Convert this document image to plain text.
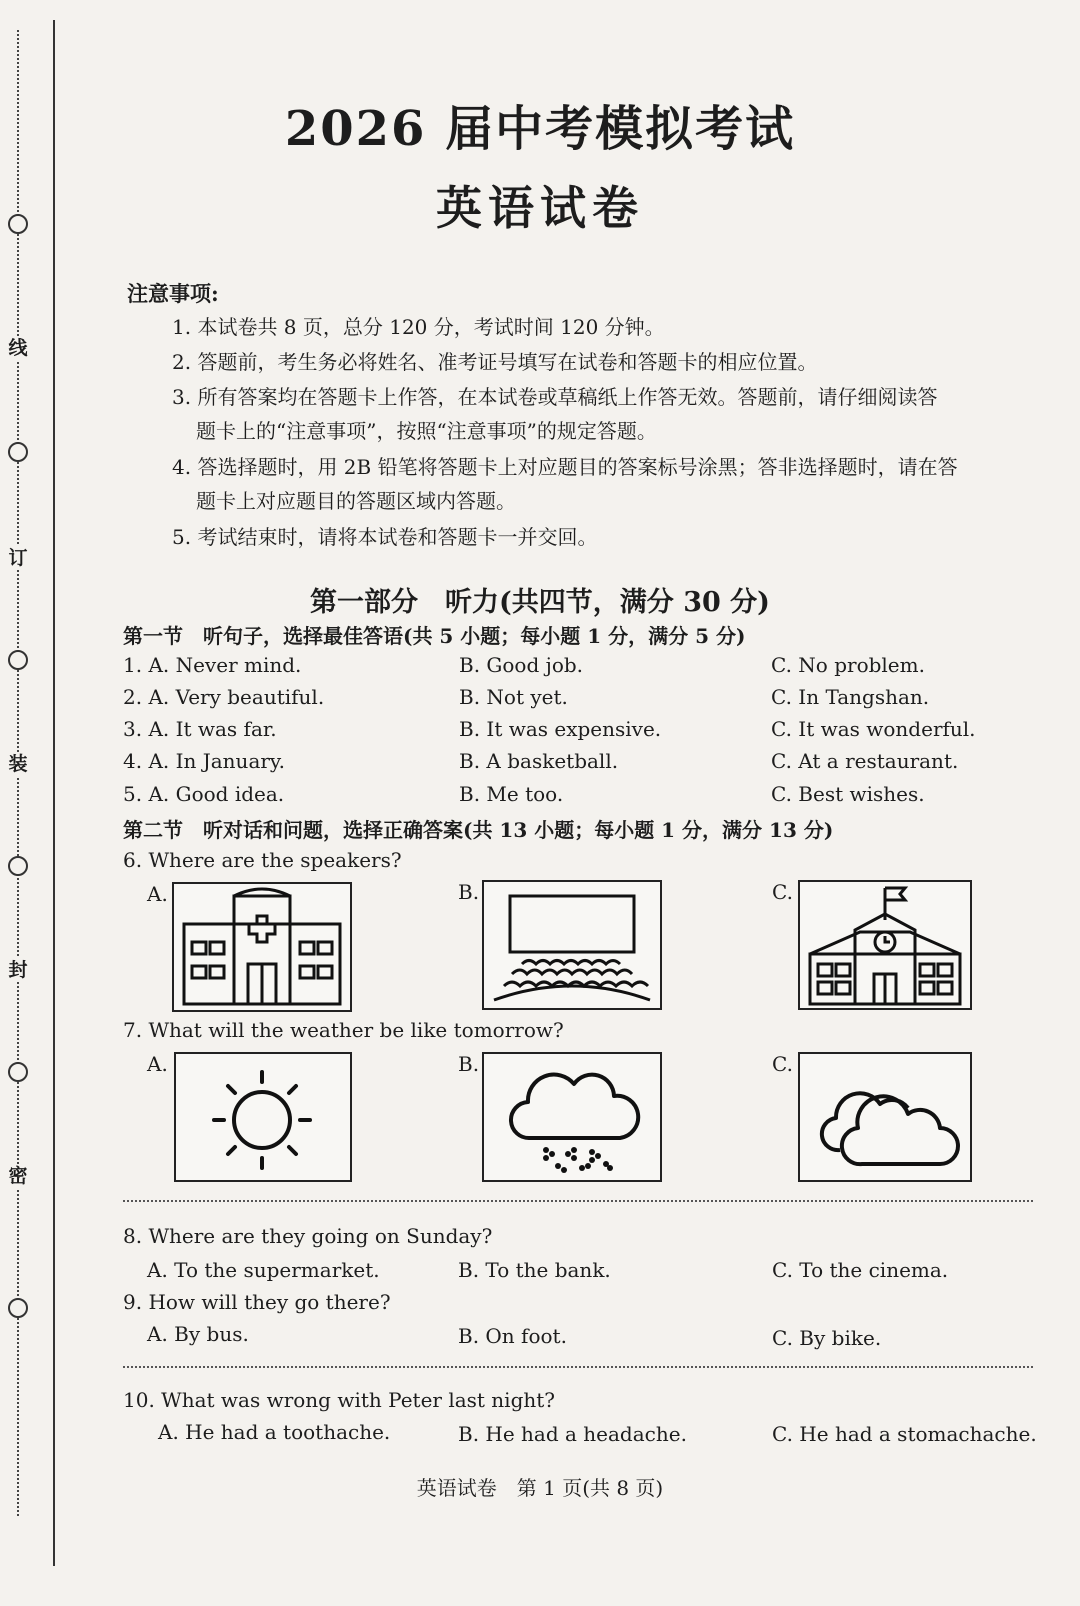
线
订
装
封
密
2026 届中考模拟考试
英语试卷
注意事项:
1. 本试卷共 8 页，总分 120 分，考试时间 120 分钟。
2. 答题前，考生务必将姓名、准考证号填写在试卷和答题卡的相应位置。
3. 所有答案均在答题卡上作答，在本试卷或草稿纸上作答无效。答题前，请仔细阅读答
题卡上的“注意事项”，按照“注意事项”的规定答题。
4. 答选择题时，用 2B 铅笔将答题卡上对应题目的答案标号涂黑；答非选择题时，请在答
题卡上对应题目的答题区域内答题。
5. 考试结束时，请将本试卷和答题卡一并交回。
第一部分　听力(共四节，满分 30 分)
第一节　听句子，选择最佳答语(共 5 小题；每小题 1 分，满分 5 分)
1. A. Never mind.	B. Good job.	C. No problem.
2. A. Very beautiful.	B. Not yet.	C. In Tangshan.
3. A. It was far.	B. It was expensive.	C. It was wonderful.
4. A. In January.	B. A basketball.	C. At a restaurant.
5. A. Good idea.	B. Me too.	C. Best wishes.
第二节　听对话和问题，选择正确答案(共 13 小题；每小题 1 分，满分 13 分)
6. Where are the speakers?
A.	B.	C.
7. What will the weather be like tomorrow?
A.	B.	C.
8. Where are they going on Sunday?
A. To the supermarket.	B. To the bank.	C. To the cinema.
9. How will they go there?
A. By bus.	B. On foot.	C. By bike.
10. What was wrong with Peter last night?
A. He had a toothache.	B. He had a headache.	C. He had a stomachache.
英语试卷　第 1 页(共 8 页)
